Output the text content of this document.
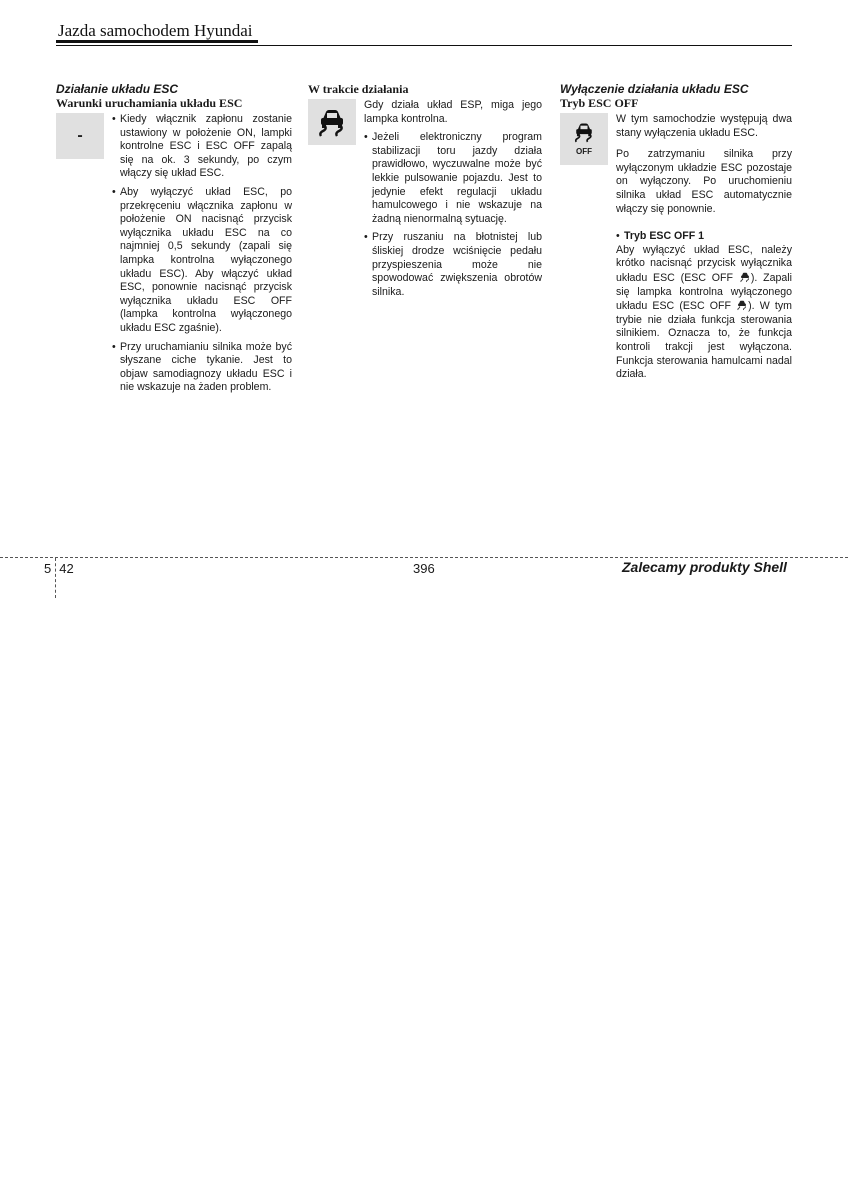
Jazda samochodem Hyundai
Działanie układu ESC
Warunki uruchamiania układu ESC
-
• Kiedy włącznik zapłonu zostanie ustawiony w położenie ON, lampki kontrolne ESC i ESC OFF zapalą się na ok. 3 sekundy, po czym włączy się układ ESC.
• Aby wyłączyć układ ESC, po przekręceniu włącznika zapłonu w położenie ON nacisnąć przycisk wyłącznika układu ESC na co najmniej 0,5 sekundy (zapali się lampka kontrolna wyłączonego układu ESC). Aby włączyć układ ESC, ponownie nacisnąć przycisk wyłącznika układu ESC OFF (lampka kontrolna wyłączonego układu ESC zgaśnie).
• Przy uruchamianiu silnika może być słyszane ciche tykanie. Jest to objaw samodiagnozy układu ESC i nie wskazuje na żaden problem.
W trakcie działania

Gdy działa układ ESP, miga jego lampka kontrolna.

• Jeżeli elektroniczny program stabilizacji toru jazdy działa prawidłowo, wyczuwalne może być lekkie pulsowanie pojazdu. Jest to jedynie efekt regulacji układu hamulcowego i nie wskazuje na żadną nienormalną sytuację.
• Przy ruszaniu na błotnistej lub śliskiej drodze wciśnięcie pedału przyspieszenia może nie spowodować zwiększenia obrotów silnika.
Wyłączenie działania układu ESC
Tryb ESC OFF
OFF

W tym samochodzie występują dwa stany wyłączenia układu ESC.

Po zatrzymaniu silnika przy wyłączonym układzie ESC pozostaje on wyłączony. Po uruchomieniu silnika układ ESC automatycznie włączy się ponownie.

• Tryb ESC OFF 1

Aby wyłączyć układ ESC, należy krótko nacisnąć przycisk wyłącznika układu ESC (ESC OFF ). Zapali się lampka kontrolna wyłączonego układu ESC (ESC OFF ). W tym trybie nie działa funkcja sterowania silnikiem. Oznacza to, że funkcja kontroli trakcji jest wyłączona. Funkcja sterowania hamulcami nadal działa.

5 42	396	Zalecamy produkty Shell
